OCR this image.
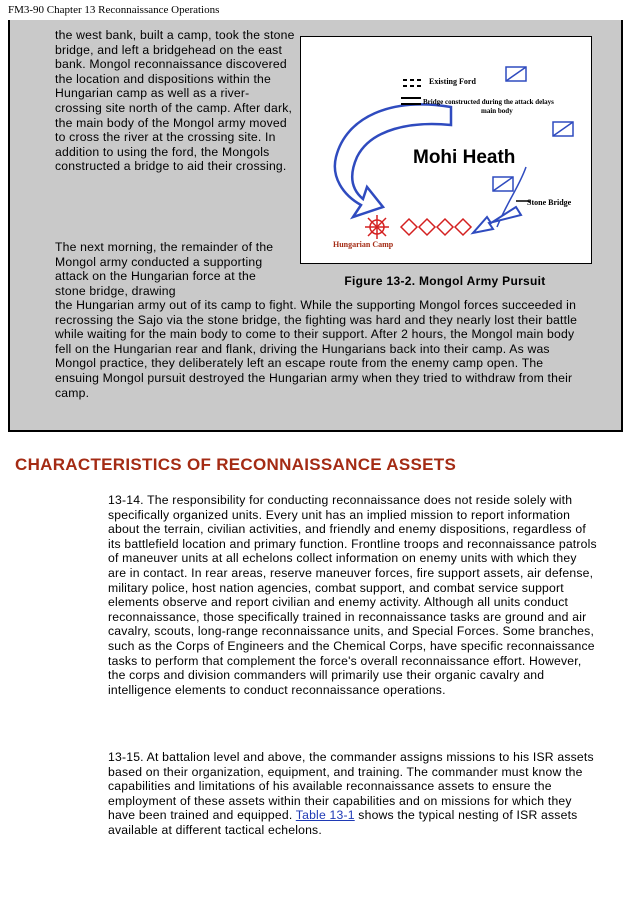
FM3-90 Chapter 13 Reconnaissance Operations
the west bank, built a camp, took the stone bridge, and left a bridgehead on the east bank. Mongol reconnaissance discovered the location and dispositions within the Hungarian camp as well as a river-crossing site north of the camp. After dark, the main body of the Mongol army moved to cross the river at the crossing site. In addition to using the ford, the Mongols constructed a bridge to aid their crossing.
The next morning, the remainder of the Mongol army conducted a supporting attack on the Hungarian force at the stone bridge, drawing
the Hungarian army out of its camp to fight. While the supporting Mongol forces succeeded in recrossing the Sajo via the stone bridge, the fighting was hard and they nearly lost their battle while waiting for the main body to come to their support. After 2 hours, the Mongol main body fell on the Hungarian rear and flank, driving the Hungarians back into their camp. As was Mongol practice, they deliberately left an escape route from the enemy camp open. The ensuing Mongol pursuit destroyed the Hungarian army when they tried to withdraw from their camp.
Existing Ford
Bridge constructed during the attack delays
main body
Mohi Heath
Stone Bridge
Hungarian Camp
Figure 13-2. Mongol Army Pursuit
CHARACTERISTICS OF RECONNAISSANCE ASSETS
13-14. The responsibility for conducting reconnaissance does not reside solely with specifically organized units. Every unit has an implied mission to report information about the terrain, civilian activities, and friendly and enemy dispositions, regardless of its battlefield location and primary function. Frontline troops and reconnaissance patrols of maneuver units at all echelons collect information on enemy units with which they are in contact. In rear areas, reserve maneuver forces, fire support assets, air defense, military police, host nation agencies, combat support, and combat service support elements observe and report civilian and enemy activity. Although all units conduct reconnaissance, those specifically trained in reconnaissance tasks are ground and air cavalry, scouts, long-range reconnaissance units, and Special Forces. Some branches, such as the Corps of Engineers and the Chemical Corps, have specific reconnaissance tasks to perform that complement the force's overall reconnaissance effort. However, the corps and division commanders will primarily use their organic cavalry and intelligence elements to conduct reconnaissance operations.
13-15. At battalion level and above, the commander assigns missions to his ISR assets based on their organization, equipment, and training. The commander must know the capabilities and limitations of his available reconnaissance assets to ensure the employment of these assets within their capabilities and on missions for which they have been trained and equipped. Table 13-1 shows the typical nesting of ISR assets available at different tactical echelons.
